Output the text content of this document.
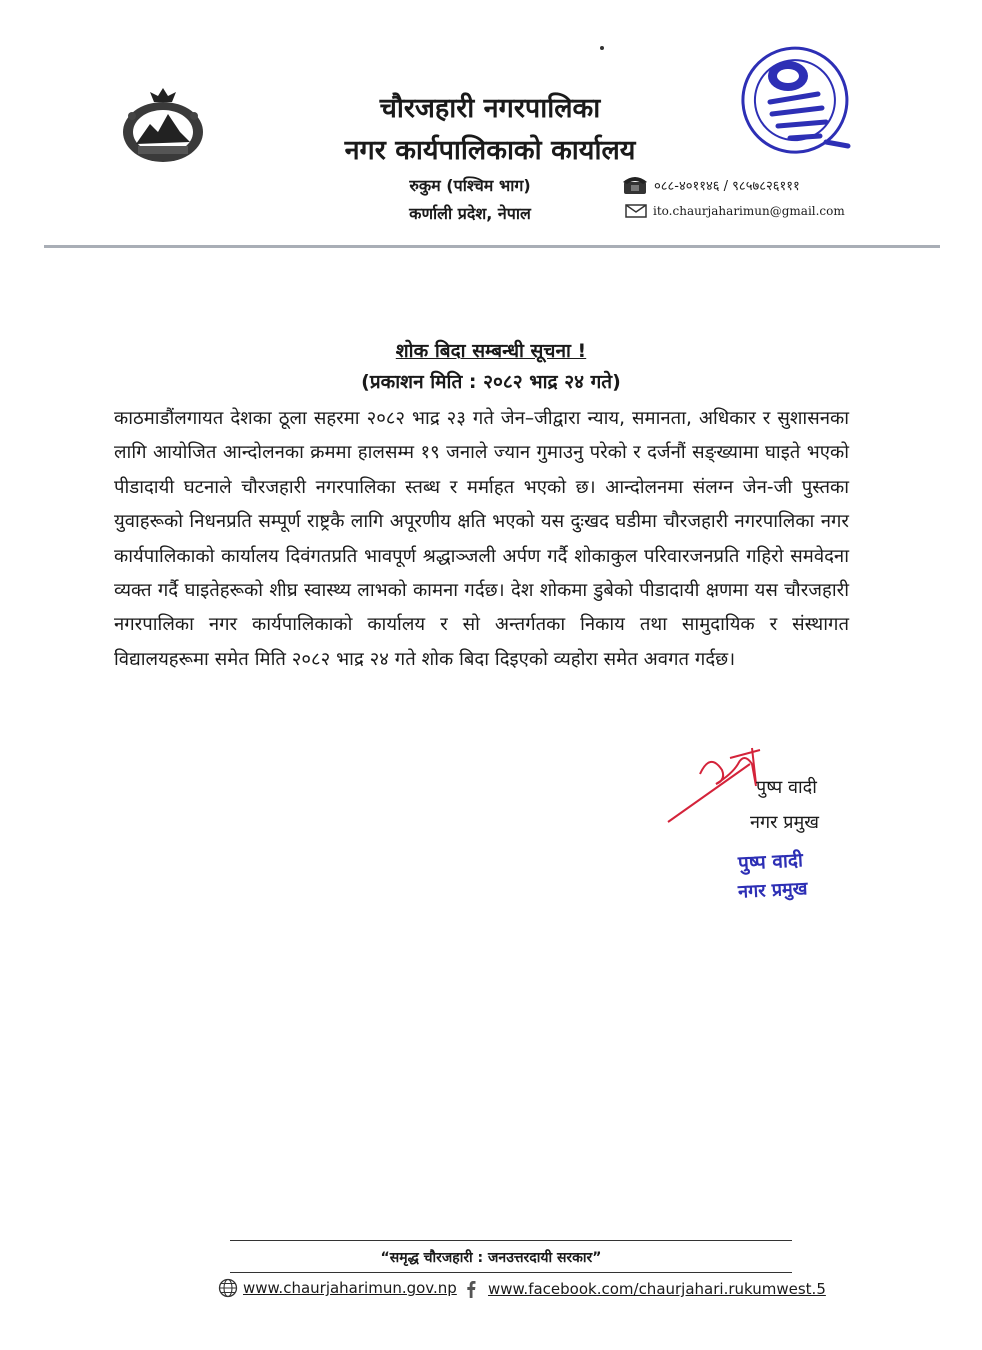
चौरजहारी नगरपालिका
नगर कार्यपालिकाको कार्यालय
रुकुम (पश्चिम भाग)
कर्णाली प्रदेश, नेपाल
०८८-४०११४६ / ९८५७८२६१११
ito.chaurjaharimun@gmail.com
शोक बिदा सम्बन्धी सूचना !
(प्रकाशन मिति : २०८२ भाद्र २४ गते)
काठमाडौंलगायत देशका ठूला सहरमा २०८२ भाद्र २३ गते जेन–जीद्वारा न्याय, समानता, अधिकार र सुशासनका लागि आयोजित आन्दोलनका क्रममा हालसम्म १९ जनाले ज्यान गुमाउनु परेको र दर्जनौं सङ्ख्यामा घाइते भएको पीडादायी घटनाले चौरजहारी नगरपालिका स्तब्ध र मर्माहत भएको छ। आन्दोलनमा संलग्न जेन-जी पुस्तका युवाहरूको निधनप्रति सम्पूर्ण राष्ट्रकै लागि अपूरणीय क्षति भएको यस दुःखद घडीमा चौरजहारी नगरपालिका नगर कार्यपालिकाको कार्यालय दिवंगतप्रति भावपूर्ण श्रद्धाञ्जली अर्पण गर्दै शोकाकुल परिवारजनप्रति गहिरो समवेदना व्यक्त गर्दै घाइतेहरूको शीघ्र स्वास्थ्य लाभको कामना गर्दछ। देश शोकमा डुबेको पीडादायी क्षणमा यस चौरजहारी नगरपालिका नगर कार्यपालिकाको कार्यालय र सो अन्तर्गतका निकाय तथा सामुदायिक र संस्थागत विद्यालयहरूमा समेत मिति २०८२ भाद्र २४ गते शोक बिदा दिइएको व्यहोरा समेत अवगत गर्दछ।
पुष्प वादी
नगर प्रमुख
पुष्प वादी
नगर प्रमुख
“समृद्ध चौरजहारी : जनउत्तरदायी सरकार”
www.chaurjaharimun.gov.np www.facebook.com/chaurjahari.rukumwest.5
